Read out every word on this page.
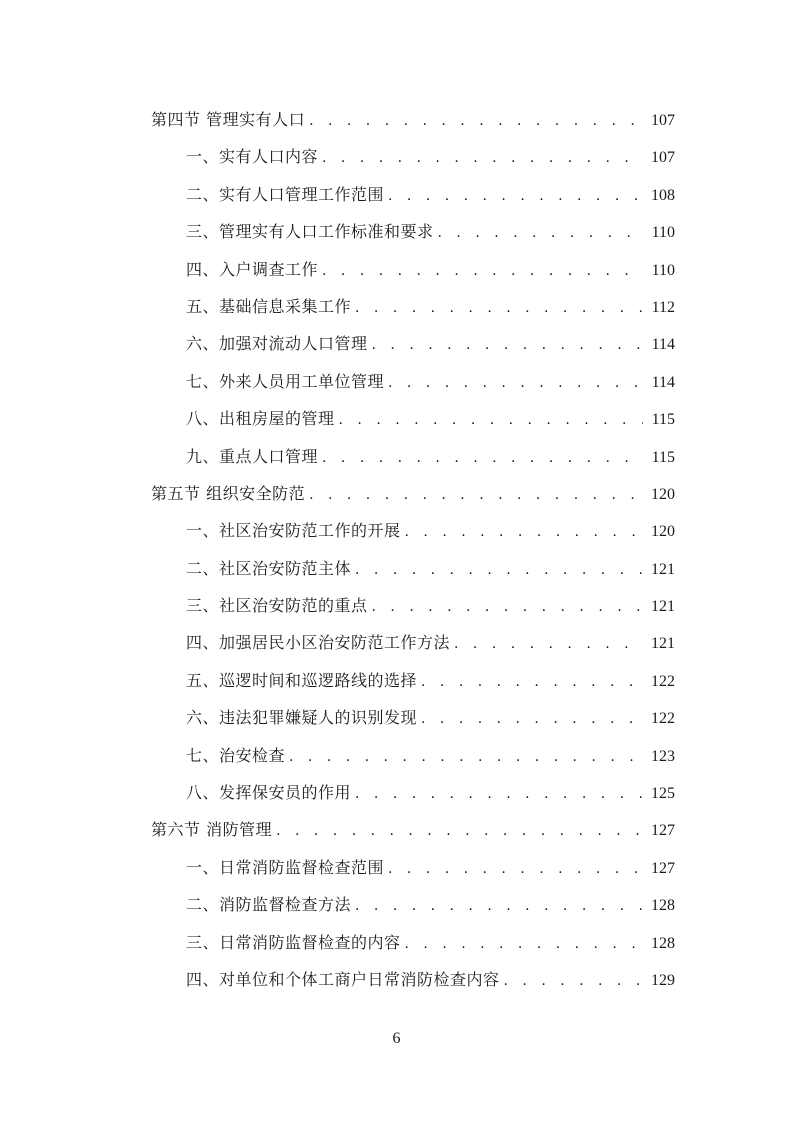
第四节 管理实有人口 . . .	107
一、实有人口内容 . . .	107
二、实有人口管理工作范围 . . .	108
三、管理实有人口工作标准和要求 . . .	110
四、入户调查工作 . . .	110
五、基础信息采集工作 . . .	112
六、加强对流动人口管理 . . .	114
七、外来人员用工单位管理 . . .	114
八、出租房屋的管理 . . .	115
九、重点人口管理 . . .	115
第五节 组织安全防范 . . .	120
一、社区治安防范工作的开展 . . .	120
二、社区治安防范主体 . . .	121
三、社区治安防范的重点 . . .	121
四、加强居民小区治安防范工作方法 . . .	121
五、巡逻时间和巡逻路线的选择 . . .	122
六、违法犯罪嫌疑人的识别发现 . . .	122
七、治安检查 . . .	123
八、发挥保安员的作用 . . .	125
第六节 消防管理 . . .	127
一、日常消防监督检查范围 . . .	127
二、消防监督检查方法 . . .	128
三、日常消防监督检查的内容 . . .	128
四、对单位和个体工商户日常消防检查内容 . . .	129
6
